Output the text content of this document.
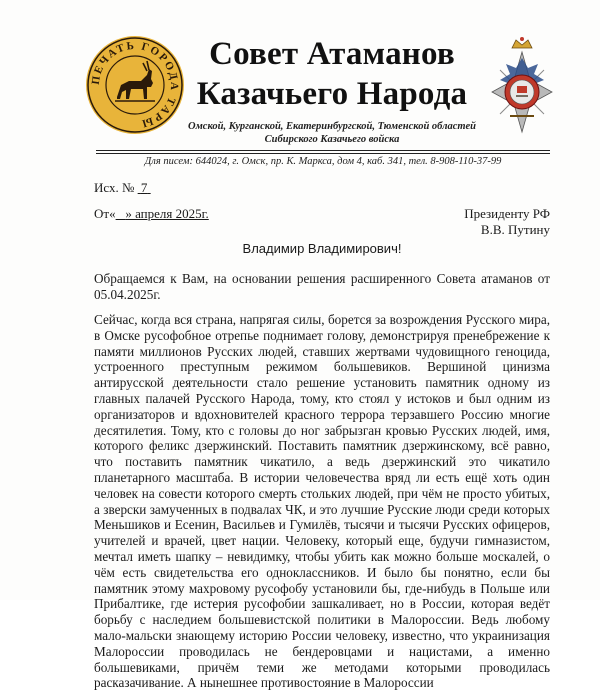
ПЕЧАТЬ ГОРОДА ТАРЫ
Совет Атаманов
Казачьего Народа
Омской, Курганской, Екатеринбургской, Тюменской областей
Сибирского Казачьего войска
Для писем: 644024, г. Омск, пр. К. Маркса, дом 4, каб. 341, тел. 8-908-110-37-99
Исх. № 7
От« » апреля 2025г.	Президенту РФ
В.В. Путину
Владимир Владимирович!
Обращаемся к Вам, на основании решения расширенного Совета атаманов от 05.04.2025г.
Сейчас, когда вся страна, напрягая силы, борется за возрождения Русского мира, в Омске русофобное отрепье поднимает голову, демонстрируя пренебрежение к памяти миллионов Русских людей, ставших жертвами чудовищного геноцида, устроенного преступным режимом большевиков. Вершиной цинизма антирусской деятельности стало решение установить памятник одному из главных палачей Русского Народа, тому, кто стоял у истоков и был одним из организаторов и вдохновителей красного террора терзавшего Россию многие десятилетия. Тому, кто с головы до ног забрызган кровью Русских людей, имя, которого феликс дзержинский. Поставить памятник дзержинскому, всё равно, что поставить памятник чикатило, а ведь дзержинский это чикатило планетарного масштаба. В истории человечества вряд ли есть ещё хоть один человек на совести которого смерть стольких людей, при чём не просто убитых, а зверски замученных в подвалах ЧК, и это лучшие Русские люди среди которых Меньшиков и Есенин, Васильев и Гумилёв, тысячи и тысячи Русских офицеров, учителей и врачей, цвет нации. Человеку, который еще, будучи гимназистом, мечтал иметь шапку – невидимку, чтобы убить как можно больше москалей, о чём есть свидетельства его одноклассников. И было бы понятно, если бы памятник этому махровому русофобу установили бы, где-нибудь в Польше или Прибалтике, где истерия русофобии зашкаливает, но в России, которая ведёт борьбу с наследием большевистской политики в Малороссии. Ведь любому мало-мальски знающему историю России человеку, известно, что украинизация Малороссии проводилась не бендеровцами и нацистами, а именно большевиками, причём теми же методами которыми проводилась расказачивание. А нынешнее противостояние в Малороссии
